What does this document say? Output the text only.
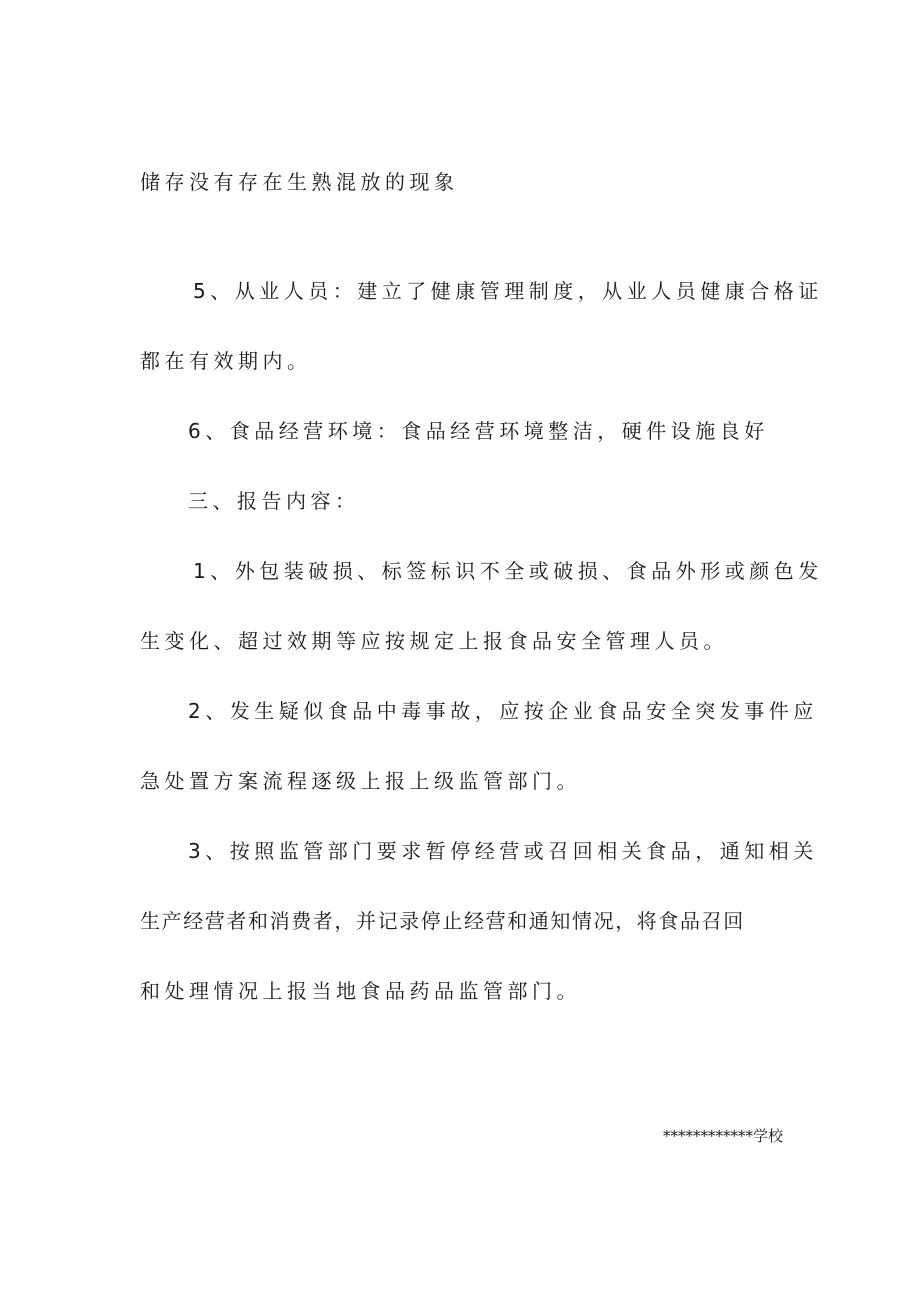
储存没有存在生熟混放的现象
5、从业人员：建立了健康管理制度，从业人员健康合格证
都在有效期内。
6、食品经营环境：食品经营环境整洁，硬件设施良好
三、报告内容：
1、外包装破损、标签标识不全或破损、食品外形或颜色发
生变化、超过效期等应按规定上报食品安全管理人员。
2、发生疑似食品中毒事故，应按企业食品安全突发事件应
急处置方案流程逐级上报上级监管部门。
3、按照监管部门要求暂停经营或召回相关食品，通知相关
生产经营者和消费者，并记录停止经营和通知情况，将食品召回
和处理情况上报当地食品药品监管部门。
************学校
